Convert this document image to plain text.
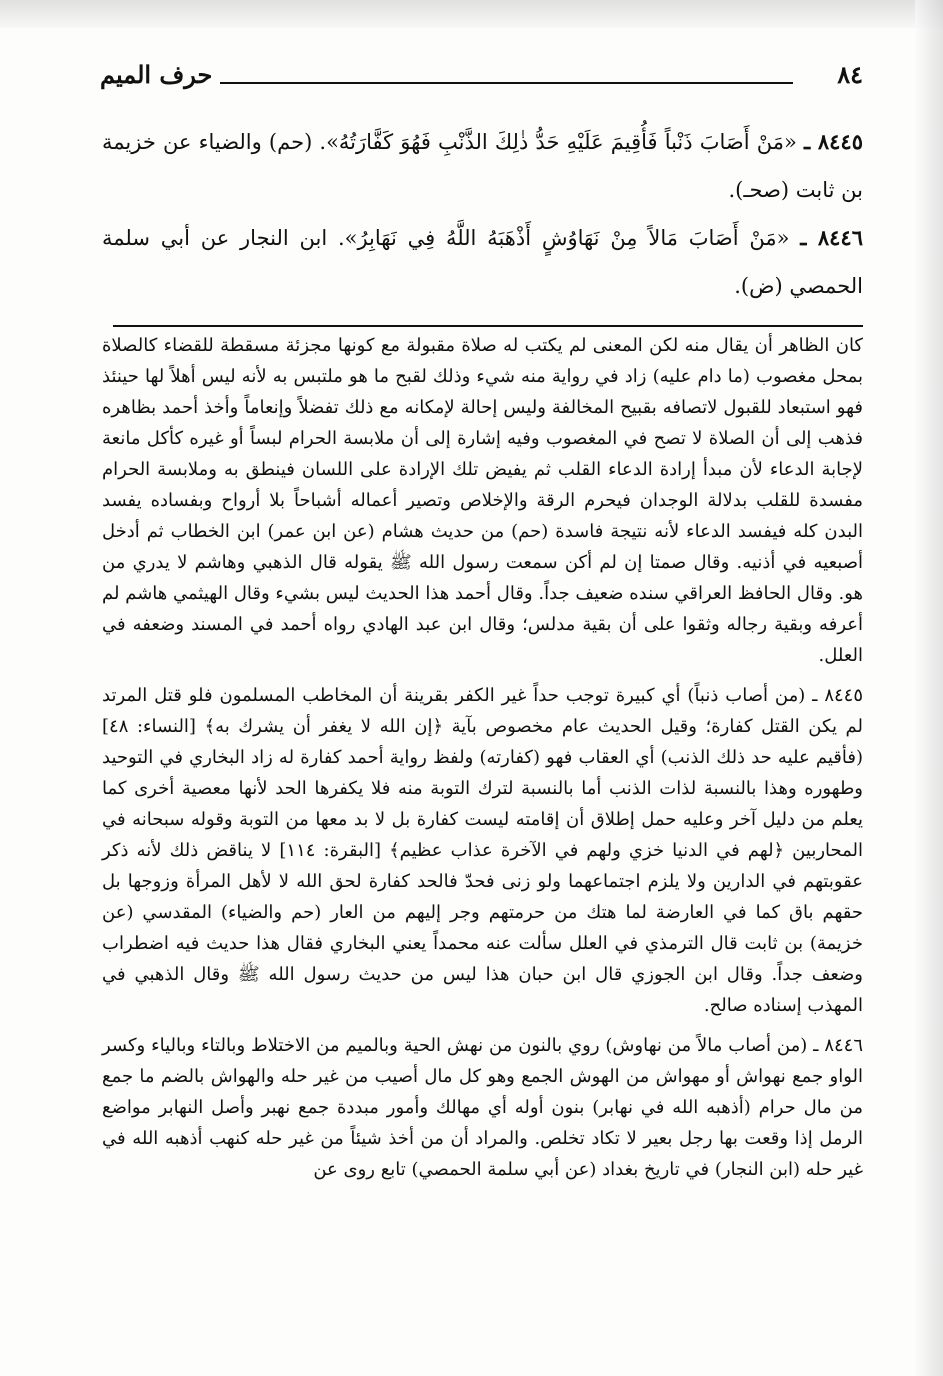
٨٤
حرف الميم

٨٤٤٥ ـ «مَنْ أَصَابَ ذَنْباً فَأُقِيمَ عَلَيْهِ حَدُّ ذٰلِكَ الذَّنْبِ فَهُوَ كَفَّارَتُهُ». (حم) والضياء عن خزيمة بن ثابت (صحـ).

٨٤٤٦ ـ «مَنْ أَصَابَ مَالاً مِنْ نَهَاوُشٍ أَذْهَبَهُ اللَّهُ فِي نَهَابِرُ». ابن النجار عن أبي سلمة الحمصي (ض).

كان الظاهر أن يقال منه لكن المعنى لم يكتب له صلاة مقبولة مع كونها مجزئة مسقطة للقضاء كالصلاة بمحل مغصوب (ما دام عليه) زاد في رواية منه شيء وذلك لقبح ما هو ملتبس به لأنه ليس أهلاً لها حينئذ فهو استبعاد للقبول لاتصافه بقبيح المخالفة وليس إحالة لإمكانه مع ذلك تفضلاً وإنعاماً وأخذ أحمد بظاهره فذهب إلى أن الصلاة لا تصح في المغصوب وفيه إشارة إلى أن ملابسة الحرام لبساً أو غيره كأكل مانعة لإجابة الدعاء لأن مبدأ إرادة الدعاء القلب ثم يفيض تلك الإرادة على اللسان فينطق به وملابسة الحرام مفسدة للقلب بدلالة الوجدان فيحرم الرقة والإخلاص وتصير أعماله أشباحاً بلا أرواح وبفساده يفسد البدن كله فيفسد الدعاء لأنه نتيجة فاسدة (حم) من حديث هشام (عن ابن عمر) ابن الخطاب ثم أدخل أصبعيه في أذنيه. وقال صمتا إن لم أكن سمعت رسول الله ﷺ يقوله قال الذهبي وهاشم لا يدري من هو. وقال الحافظ العراقي سنده ضعيف جداً. وقال أحمد هذا الحديث ليس بشيء وقال الهيثمي هاشم لم أعرفه وبقية رجاله وثقوا على أن بقية مدلس؛ وقال ابن عبد الهادي رواه أحمد في المسند وضعفه في العلل.

٨٤٤٥ ـ (من أصاب ذنباً) أي كبيرة توجب حداً غير الكفر بقرينة أن المخاطب المسلمون فلو قتل المرتد لم يكن القتل كفارة؛ وقيل الحديث عام مخصوص بآية ﴿إن الله لا يغفر أن يشرك به﴾ [النساء: ٤٨] (فأقيم عليه حد ذلك الذنب) أي العقاب فهو (كفارته) ولفظ رواية أحمد كفارة له زاد البخاري في التوحيد وطهوره وهذا بالنسبة لذات الذنب أما بالنسبة لترك التوبة منه فلا يكفرها الحد لأنها معصية أخرى كما يعلم من دليل آخر وعليه حمل إطلاق أن إقامته ليست كفارة بل لا بد معها من التوبة وقوله سبحانه في المحاربين ﴿لهم في الدنيا خزي ولهم في الآخرة عذاب عظيم﴾ [البقرة: ١١٤] لا يناقض ذلك لأنه ذكر عقوبتهم في الدارين ولا يلزم اجتماعهما ولو زنى فحدّ فالحد كفارة لحق الله لا لأهل المرأة وزوجها بل حقهم باق كما في العارضة لما هتك من حرمتهم وجر إليهم من العار (حم والضياء) المقدسي (عن خزيمة) بن ثابت قال الترمذي في العلل سألت عنه محمداً يعني البخاري فقال هذا حديث فيه اضطراب وضعف جداً. وقال ابن الجوزي قال ابن حبان هذا ليس من حديث رسول الله ﷺ وقال الذهبي في المهذب إسناده صالح.

٨٤٤٦ ـ (من أصاب مالاً من نهاوش) روي بالنون من نهش الحية وبالميم من الاختلاط وبالتاء وبالياء وكسر الواو جمع نهواش أو مهواش من الهوش الجمع وهو كل مال أصيب من غير حله والهواش بالضم ما جمع من مال حرام (أذهبه الله في نهابر) بنون أوله أي مهالك وأمور مبددة جمع نهبر وأصل النهابر مواضع الرمل إذا وقعت بها رجل بعير لا تكاد تخلص. والمراد أن من أخذ شيئاً من غير حله كنهب أذهبه الله في غير حله (ابن النجار) في تاريخ بغداد (عن أبي سلمة الحمصي) تابع روى عن
